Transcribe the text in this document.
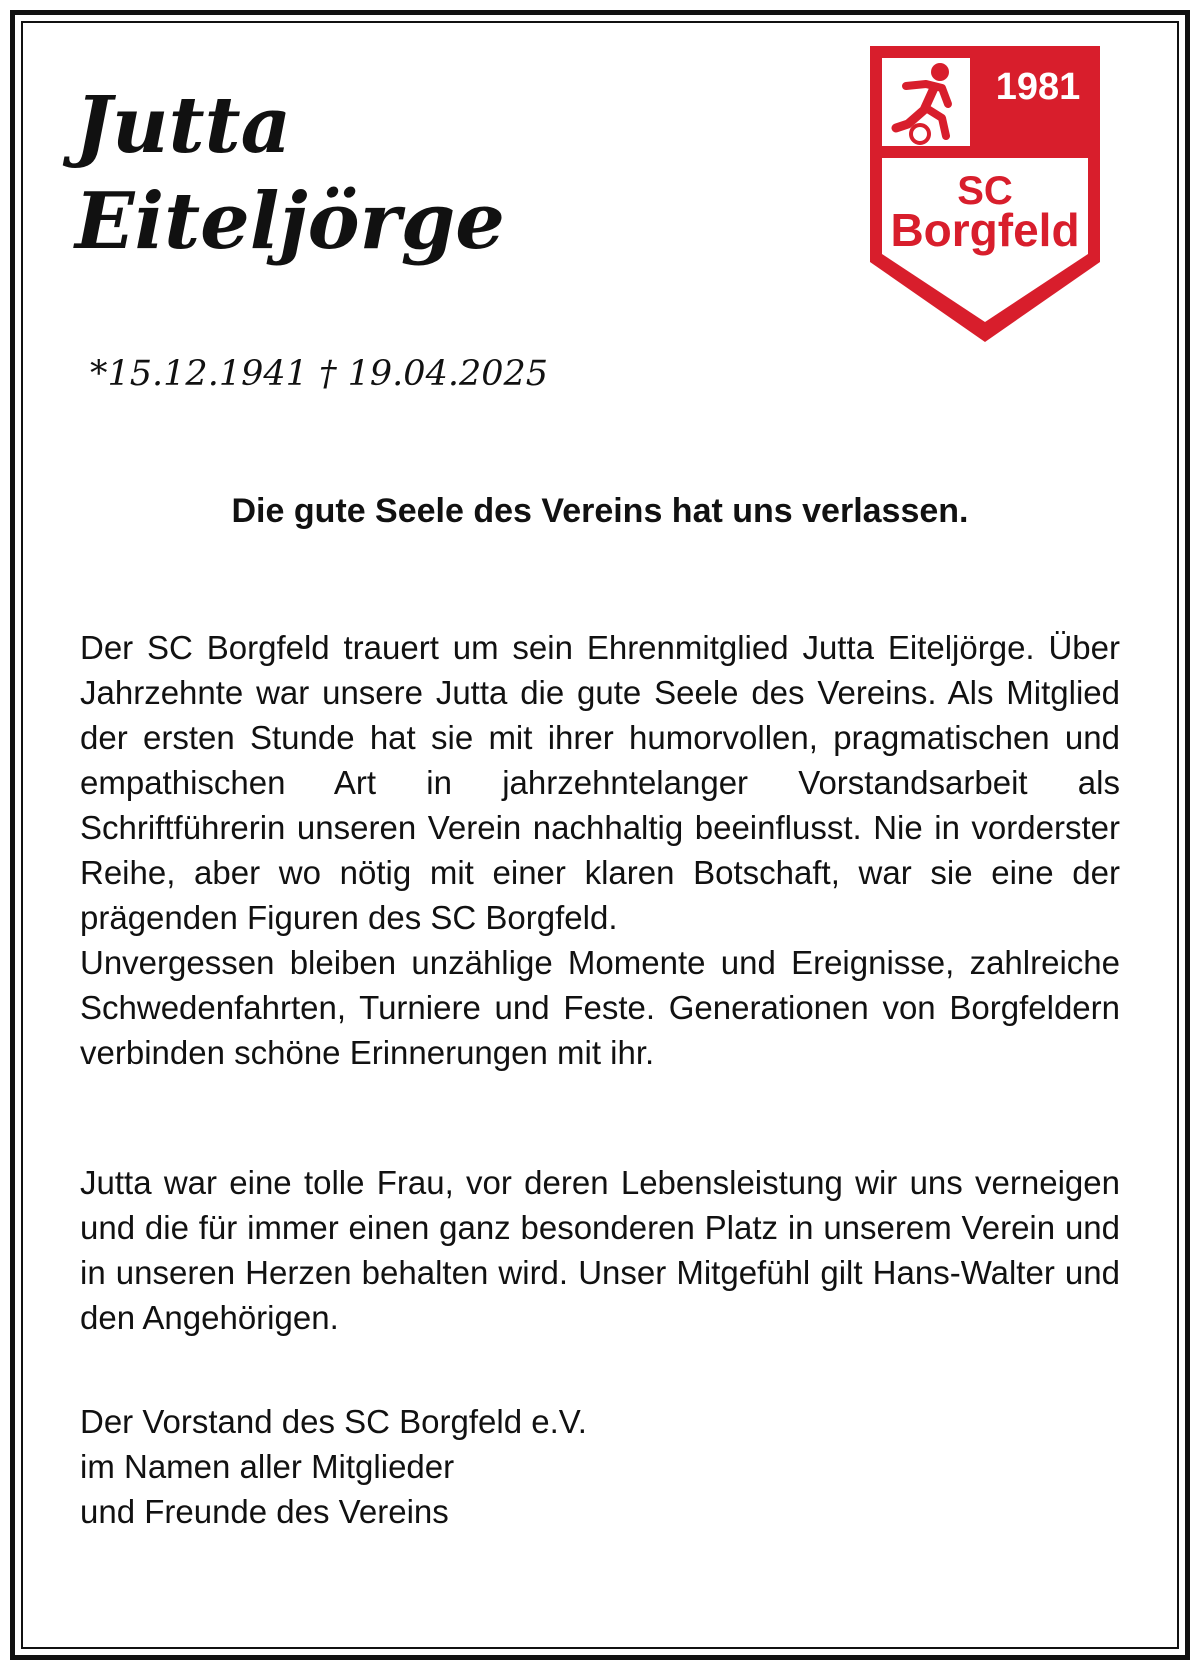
Jutta
Eiteljörge
*15.12.1941 † 19.04.2025
Die gute Seele des Vereins hat uns verlassen.

Der SC Borgfeld trauert um sein Ehrenmitglied Jutta Eiteljörge. Über Jahrzehnte war unsere Jutta die gute Seele des Vereins. Als Mitglied der ersten Stunde hat sie mit ihrer humorvollen, pragmatischen und empathischen Art in jahrzehntelanger Vorstandsarbeit als Schriftführerin unseren Verein nachhaltig beeinflusst. Nie in vorderster Reihe, aber wo nötig mit einer klaren Botschaft, war sie eine der prägenden Figuren des SC Borgfeld.

Unvergessen bleiben unzählige Momente und Ereignisse, zahlreiche Schwedenfahrten, Turniere und Feste. Generationen von Borgfeldern verbinden schöne Erinnerungen mit ihr.

Jutta war eine tolle Frau, vor deren Lebensleistung wir uns verneigen und die für immer einen ganz besonderen Platz in unserem Verein und in unseren Herzen behalten wird. Unser Mitgefühl gilt Hans-Walter und den Angehörigen.

Der Vorstand des SC Borgfeld e.V.
im Namen aller Mitglieder
und Freunde des Vereins
1981
SC
Borgfeld
